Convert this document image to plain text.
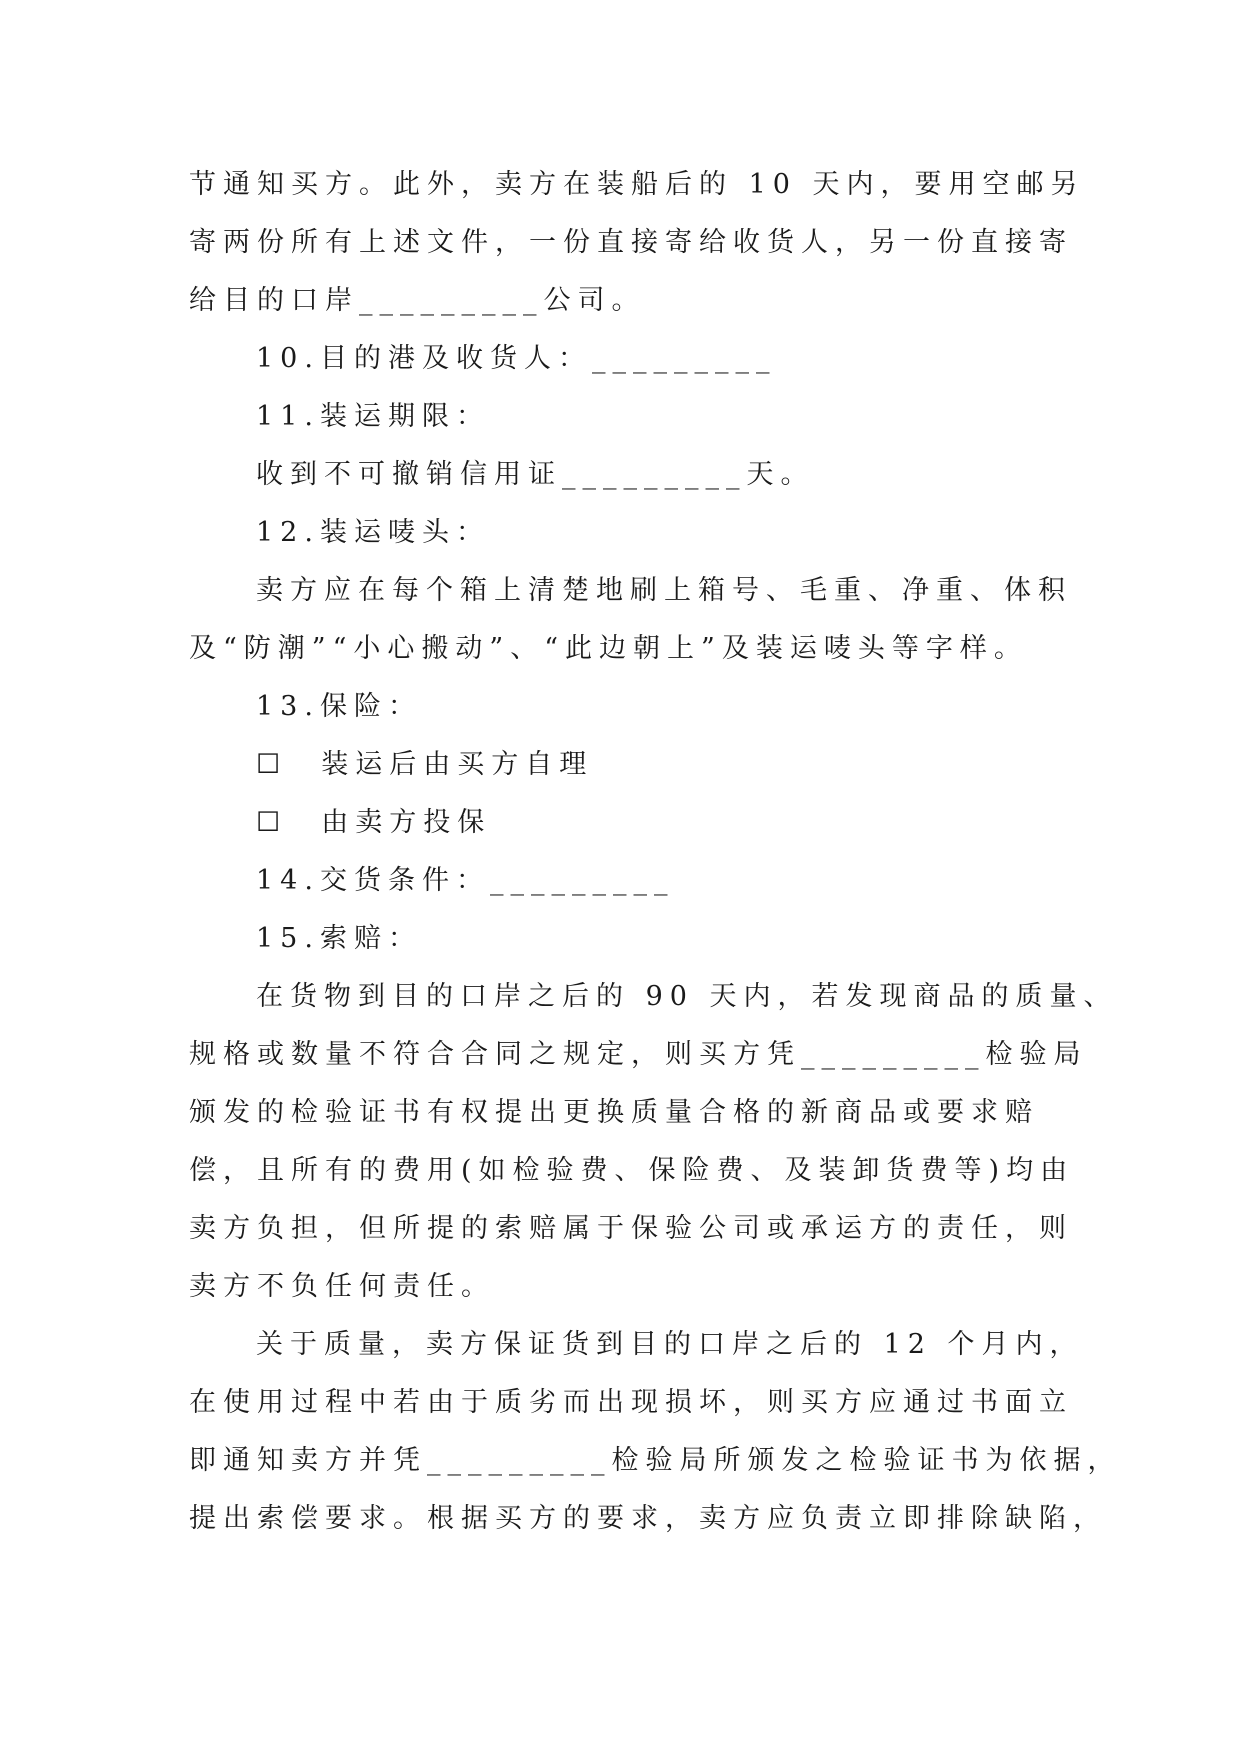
节通知买方。此外，卖方在装船后的 10 天内，要用空邮另
寄两份所有上述文件，一份直接寄给收货人，另一份直接寄
给目的口岸_________公司。
10.目的港及收货人：_________
11.装运期限：
收到不可撤销信用证_________天。
12.装运唛头：
卖方应在每个箱上清楚地刷上箱号、毛重、净重、体积
及“防潮”“小心搬动”、“此边朝上”及装运唛头等字样。
13.保险：
☐　装运后由买方自理
☐　由卖方投保
14.交货条件：_________
15.索赔：
在货物到目的口岸之后的 90 天内，若发现商品的质量、
规格或数量不符合合同之规定，则买方凭_________检验局
颁发的检验证书有权提出更换质量合格的新商品或要求赔
偿，且所有的费用(如检验费、保险费、及装卸货费等)均由
卖方负担，但所提的索赔属于保验公司或承运方的责任，则
卖方不负任何责任。
关于质量，卖方保证货到目的口岸之后的 12 个月内，
在使用过程中若由于质劣而出现损坏，则买方应通过书面立
即通知卖方并凭_________检验局所颁发之检验证书为依据，
提出索偿要求。根据买方的要求，卖方应负责立即排除缺陷，
